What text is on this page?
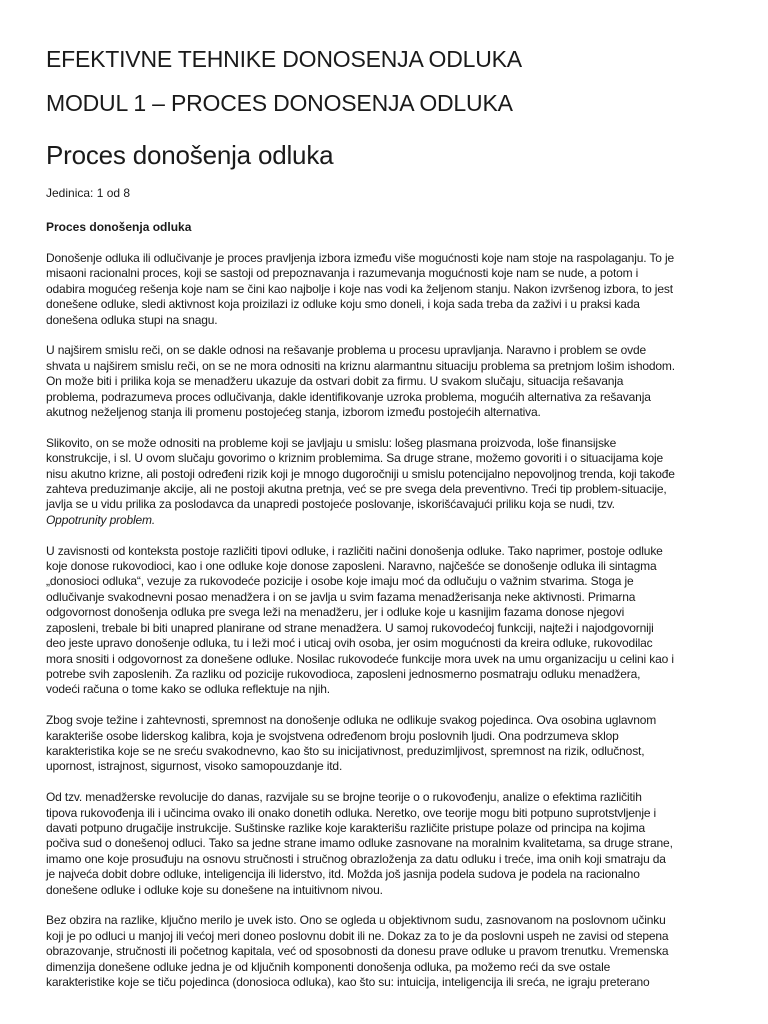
EFEKTIVNE TEHNIKE DONOSENJA ODLUKA
MODUL 1 – PROCES DONOSENJA ODLUKA
Proces donošenja odluka
Jedinica: 1 od 8
Proces donošenja odluka

Donošenje odluka ili odlučivanje je proces pravljenja izbora između više mogućnosti koje nam stoje na raspolaganju. To je
misaoni racionalni proces, koji se sastoji od prepoznavanja i razumevanja mogućnosti koje nam se nude, a potom i
odabira mogućeg rešenja koje nam se čini kao najbolje i koje nas vodi ka željenom stanju. Nakon izvršenog izbora, to jest
donešene odluke, sledi aktivnost koja proizilazi iz odluke koju smo doneli, i koja sada treba da zaživi i u praksi kada
donešena odluka stupi na snagu.

U najširem smislu reči, on se dakle odnosi na rešavanje problema u procesu upravljanja. Naravno i problem se ovde
shvata u najširem smislu reči, on se ne mora odnositi na kriznu alarmantnu situaciju problema sa pretnjom lošim ishodom.
On može biti i prilika koja se menadžeru ukazuje da ostvari dobit za firmu. U svakom slučaju, situacija rešavanja
problema, podrazumeva proces odlučivanja, dakle identifikovanje uzroka problema, mogućih alternativa za rešavanja
akutnog neželjenog stanja ili promenu postojećeg stanja, izborom između postojećih alternativa.

Slikovito, on se može odnositi na probleme koji se javljaju u smislu: lošeg plasmana proizvoda, loše finansijske
konstrukcije, i sl. U ovom slučaju govorimo o kriznim problemima. Sa druge strane, možemo govoriti i o situacijama koje
nisu akutno krizne, ali postoji određeni rizik koji je mnogo dugoročniji u smislu potencijalno nepovoljnog trenda, koji takođe
zahteva preduzimanje akcije, ali ne postoji akutna pretnja, već se pre svega dela preventivno. Treći tip problem-situacije,
javlja se u vidu prilika za poslodavca da unapredi postojeće poslovanje, iskorišćavajući priliku koja se nudi, tzv.
Oppotrunity problem.

U zavisnosti od konteksta postoje različiti tipovi odluke, i različiti načini donošenja odluke. Tako naprimer, postoje odluke
koje donose rukovodioci, kao i one odluke koje donose zaposleni. Naravno, najčešće se donošenje odluka ili sintagma
„donosioci odluka“, vezuje za rukovodeće pozicije i osobe koje imaju moć da odlučuju o važnim stvarima. Stoga je
odlučivanje svakodnevni posao menadžera i on se javlja u svim fazama menadžerisanja neke aktivnosti. Primarna
odgovornost donošenja odluka pre svega leži na menadžeru, jer i odluke koje u kasnijim fazama donose njegovi
zaposleni, trebale bi biti unapred planirane od strane menadžera. U samoj rukovodećoj funkciji, najteži i najodgovorniji
deo jeste upravo donošenje odluka, tu i leži moć i uticaj ovih osoba, jer osim mogućnosti da kreira odluke, rukovodilac
mora snositi i odgovornost za donešene odluke. Nosilac rukovodeće funkcije mora uvek na umu organizaciju u celini kao i
potrebe svih zaposlenih. Za razliku od pozicije rukovodioca, zaposleni jednosmerno posmatraju odluku menadžera,
vodeći računa o tome kako se odluka reflektuje na njih.

Zbog svoje težine i zahtevnosti, spremnost na donošenje odluka ne odlikuje svakog pojedinca. Ova osobina uglavnom
karakteriše osobe liderskog kalibra, koja je svojstvena određenom broju poslovnih ljudi. Ona podrzumeva sklop
karakteristika koje se ne sreću svakodnevno, kao što su inicijativnost, preduzimljivost, spremnost na rizik, odlučnost,
upornost, istrajnost, sigurnost, visoko samopouzdanje itd.

Od tzv. menadžerske revolucije do danas, razvijale su se brojne teorije o o rukovođenju, analize o efektima različitih
tipova rukovođenja ili i učincima ovako ili onako donetih odluka. Neretko, ove teorije mogu biti potpuno suprotstvljenje i
davati potpuno drugačije instrukcije. Suštinske razlike koje karakterišu različite pristupe polaze od principa na kojima
počiva sud o donešenoj odluci. Tako sa jedne strane imamo odluke zasnovane na moralnim kvalitetama, sa druge strane,
imamo one koje prosuđuju na osnovu stručnosti i stručnog obrazloženja za datu odluku i treće, ima onih koji smatraju da
je najveća dobit dobre odluke, inteligencija ili liderstvo, itd. Možda još jasnija podela sudova je podela na racionalno
donešene odluke i odluke koje su donešene na intuitivnom nivou.

Bez obzira na razlike, ključno merilo je uvek isto. Ono se ogleda u objektivnom sudu, zasnovanom na poslovnom učinku
koji je po odluci u manjoj ili većoj meri doneo poslovnu dobit ili ne. Dokaz za to je da poslovni uspeh ne zavisi od stepena
obrazovanje, stručnosti ili početnog kapitala, već od sposobnosti da donesu prave odluke u pravom trenutku. Vremenska
dimenzija donešene odluke jedna je od ključnih komponenti donošenja odluka, pa možemo reći da sve ostale
karakteristike koje se tiču pojedinca (donosioca odluka), kao što su: intuicija, inteligencija ili sreća, ne igraju preterano
